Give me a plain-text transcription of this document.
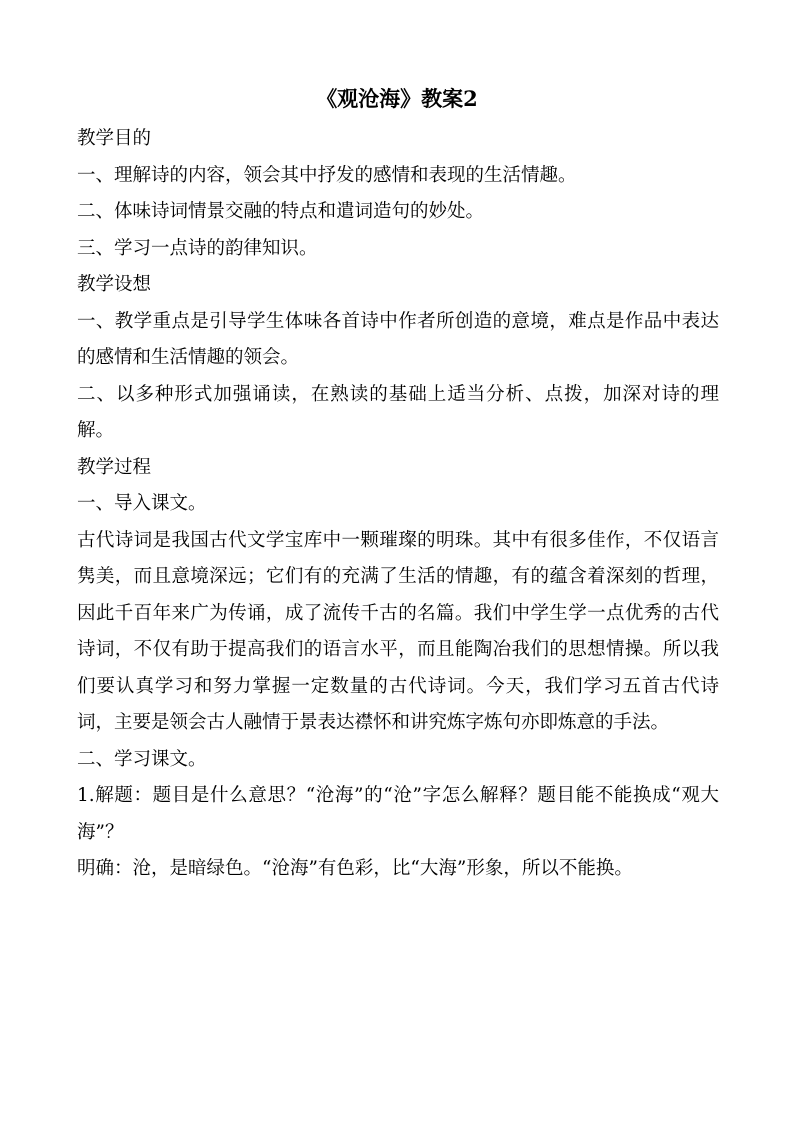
《观沧海》教案2

教学目的

一、理解诗的内容，领会其中抒发的感情和表现的生活情趣。

二、体味诗词情景交融的特点和遣词造句的妙处。

三、学习一点诗的韵律知识。

教学设想

一、教学重点是引导学生体味各首诗中作者所创造的意境，难点是作品中表达的感情和生活情趣的领会。

二、以多种形式加强诵读，在熟读的基础上适当分析、点拨，加深对诗的理解。

教学过程

一、导入课文。

古代诗词是我国古代文学宝库中一颗璀璨的明珠。其中有很多佳作，不仅语言隽美，而且意境深远；它们有的充满了生活的情趣，有的蕴含着深刻的哲理，因此千百年来广为传诵，成了流传千古的名篇。我们中学生学一点优秀的古代诗词，不仅有助于提高我们的语言水平，而且能陶冶我们的思想情操。所以我们要认真学习和努力掌握一定数量的古代诗词。今天，我们学习五首古代诗词，主要是领会古人融情于景表达襟怀和讲究炼字炼句亦即炼意的手法。

二、学习课文。

1.解题：题目是什么意思？“沧海”的“沧”字怎么解释？题目能不能换成“观大海”？

明确：沧，是暗绿色。“沧海”有色彩，比“大海”形象，所以不能换。
